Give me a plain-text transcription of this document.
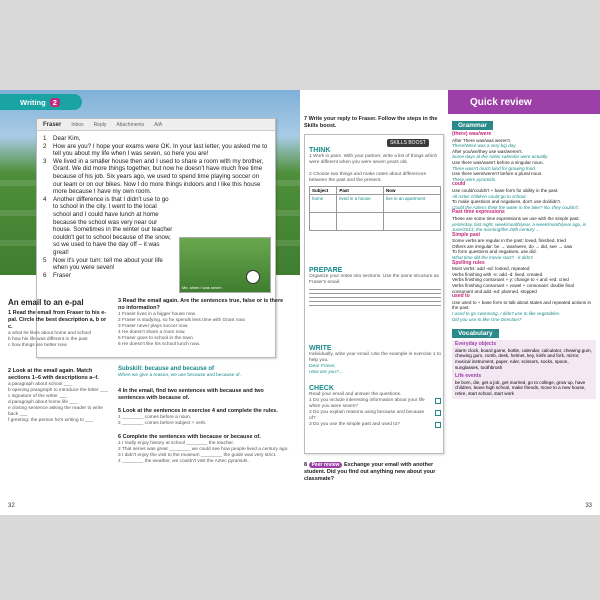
Writing 2
Fraser Inbox Reply Attachments A/A
1	Dear Kim,
2	How are you? I hope your exams were OK. In your last letter, you asked me to tell you about my life when I was seven, so here you are!
3	We lived in a smaller house then and I used to share a room with my brother, Grant. We did more things together, but now he doesn't have much free time because of his job. Six years ago, we used to spend time playing soccer on our team or on our bikes. Now I do more things indoors and I like this house more because I have my own room.
4	Another difference is that I didn't use to go to school in the city. I went to the local school and I could have lunch at home because the school was very near our house. Sometimes in the winter our teacher couldn't get to school because of the snow, so we used to have the day off – it was great!
5	Now it's your turn: tell me about your life when you were seven!
6	Fraser
Me, when I was seven
An email to an e-pal
1 Read the email from Fraser to his e-pal. Circle the best description a, b or c.
a what he likes about home and school
b how his life was different in the past
c how things are better now
2 Look at the email again. Match sections 1–6 with descriptions a–f.
a paragraph about school ___
b opening paragraph to introduce the letter ___
c signature of the writer ___
d paragraph about home life ___
e closing sentence asking the reader to write back ___
f greeting: the person he's writing to ___
3 Read the email again. Are the sentences true, false or is there no information?
1 Fraser lives in a bigger house now.
2 Fraser is studying, so he spends less time with Grant now.
3 Fraser never plays soccer now.
4 He doesn't share a room now.
5 Fraser goes to school in the town.
6 He doesn't like his school lunch now.
Subskill: because and because of
When we give a reason, we use because and because of.
4 In the email, find two sentences with because and two sentences with because of.
5 Look at the sentences in exercise 4 and complete the rules.
1 ________ comes before a noun.
2 ________ comes before subject + verb.
6 Complete the sentences with because or because of.
1 I really enjoy history at school ________ the teacher.
2 That series was great ________ we could see how people lived a century ago.
3 I didn't enjoy the visit to the museum ________ the guide was very strict.
4 ________ the weather, we couldn't visit the Aztec pyramids.
32
7 Write your reply to Fraser. Follow the steps in the Skills boost.
SKILLS BOOST
THINK
1 Work in pairs. With your partner, write a list of things which were different when you were seven years old.
2 Choose two things and make notes about differences between the past and the present.
Subject	Past	Now
home	lived in a house	live in an apartment

PREPARE
Organize your notes into sections. Use the same structure as Fraser's email.
WRITE
Individually, write your email. Use the example in exercise 1 to help you.
Dear Fraser,
How are you?...
CHECK
Read your email and answer the questions.
1 Do you include interesting information about your life when you were seven?
2 Do you explain reasons using because and because of?
3 Do you use the simple past and used to?
8 Peer review Exchange your email with another student. Did you find out anything new about your classmate?
Quick review
Grammar
(there) was/were
After There was/was weren't.
There/Were was a very big day.
After you/we/they use was/weren't.
Some days at the Aztec calendar were actually.
Use there was/wasn't before a singular noun.
There wasn't much land for growing food.
Use there were/weren't before a plural noun.
There were pyramids.
could
Use could/couldn't + base form for ability in the past.
All Aztec children could go to school.
To make questions and negatives, don't use do/didn't.
Could the Aztecs think the water in the lake? No, they couldn't.
Past time expressions
These are some time expressions we use with the simple past:
yesterday, last night, week/month/year, a week/month/year ago, in June/2013, the morning/the 20th century ...
Simple past
Some verbs are regular in the past: loved, finished, tried
Others are irregular: be → was/were, do → did, see → saw
To form questions and negatives, use did.
What time did the movie start? - it didn't.
Spelling rules
Most verbs: add -ed: looked, repeated
Verbs finishing with -e: add -d: lived, created
Verbs finishing consonant + y: change to -i and -ied: cried
Verbs finishing consonant + vowel + consonant: double final consonant and add -ed: planned, stopped
used to
Use used to + base form to talk about states and repeated actions in the past.
I used to go swimming. I didn't use to like vegetables.
Did you use to like One Direction?
Vocabulary
Everyday objects
alarm clock, board game, bottle, calendar, calculator, chewing gum, chewing gum, comb, desk, helmet, key, knife and fork, mirror, musical instrument, paper, ruler, scissors, socks, spoon, sunglasses, toothbrush
Life events
be born, die, get a job, get married, go to college, grow up, have children, leave high school, make friends, move to a new house, retire, start school, start work
33
